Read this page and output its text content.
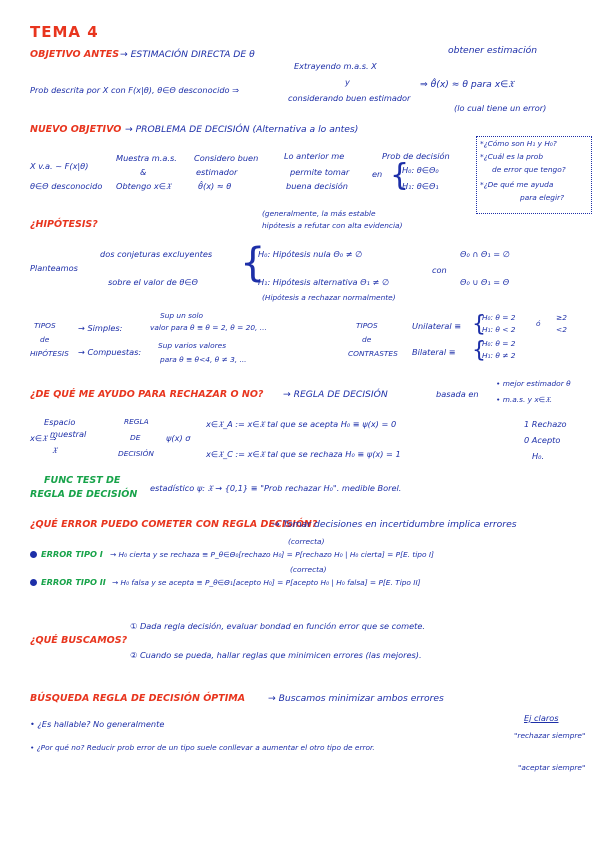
TEMA 4
OBJETIVO ANTES → ESTIMACIÓN DIRECTA DE θ	obtener estimación
Prob descrita por X con F(x|θ), θ∈Θ desconocido ⇒
Extrayendo m.a.s. X
y
considerando buen estimador
⇒ θ̂(x) ≈ θ para x∈𝔛
(lo cual tiene un error)
NUEVO OBJETIVO → PROBLEMA DE DECISIÓN (Alternativa a lo antes)
X v.a. ~ F(x|θ)
θ∈Θ desconocido
Muestra m.a.s.
&
Obtengo x∈𝔛
Considero buen
estimador
θ̂(x) ≈ θ
Lo anterior me
permite tomar
buena decisión
Prob de decisión
en {
H₀: θ∈Θ₀
H₁: θ∈Θ₁
*¿Cómo son H₁ y H₀?
*¿Cuál es la prob
de error que tengo?
*¿De qué me ayuda
para elegir?
¿HIPÓTESIS?
(generalmente, la más estable
hipótesis a refutar con alta evidencia)
Planteamos
dos conjeturas excluyentes
sobre el valor de θ∈Θ {
H₀: Hipótesis nula Θ₀ ≠ ∅
H₁: Hipótesis alternativa Θ₁ ≠ ∅
(Hipótesis a rechazar normalmente)
con
Θ₀ ∩ Θ₁ = ∅
Θ₀ ∪ Θ₁ = Θ
TIPOS
de
HIPÓTESIS
→ Simples:
Sup un solo
valor para θ ≡ θ = 2, θ = 20, ...
→ Compuestas:
Sup varios valores
para θ ≡ θ<4, θ ≠ 3, ...
TIPOS
de
CONTRASTES
Unilateral ≡ {
H₀: θ = 2
H₁: θ < 2
ó
≥2
<2
Bilateral ≡ {
H₀: θ = 2
H₁: θ ≠ 2
¿DE QUÉ ME AYUDO PARA RECHAZAR O NO? → REGLA DE DECISIÓN	basada en
• mejor estimador θ
• m.a.s. y x∈𝔛.
Espacio
muestral
x∈𝔛 ⇒
𝔛
REGLA
DE
DECISIÓN
ψ(x) σ
x∈𝔛_A := x∈𝔛 tal que se acepta H₀ ≡ ψ(x) = 0
x∈𝔛_C := x∈𝔛 tal que se rechaza H₀ ≡ ψ(x) = 1
1 Rechazo
0 Acepto
H₀.
FUNC TEST DE
REGLA DE DECISIÓN
estadístico ψ: 𝔛 → {0,1} ≡ "Prob rechazar H₀". medible Borel.
¿QUÉ ERROR PUEDO COMETER CON REGLA DECISIÓN?
→ Tomar decisiones en incertidumbre implica errores
(correcta)
ERROR TIPO I → H₀ cierta y se rechaza ≡ P_θ∈Θ₀[rechazo H₀] = P[rechazo H₀ | H₀ cierta] = P[E. tipo I]
(correcta)
ERROR TIPO II → H₀ falsa y se acepta ≡ P_θ∈Θ₁[acepto H₀] = P[acepto H₀ | H₀ falsa] = P[E. Tipo II]
¿QUÉ BUSCAMOS?
① Dada regla decisión, evaluar bondad en función error que se comete.
② Cuando se pueda, hallar reglas que minimicen errores (las mejores).
BÚSQUEDA REGLA DE DECISIÓN ÓPTIMA → Buscamos minimizar ambos errores
• ¿Es hallable? No generalmente
• ¿Por qué no? Reducir prob error de un tipo suele conllevar a aumentar el otro tipo de error.
Ej claros
"rechazar siempre"
"aceptar siempre"
